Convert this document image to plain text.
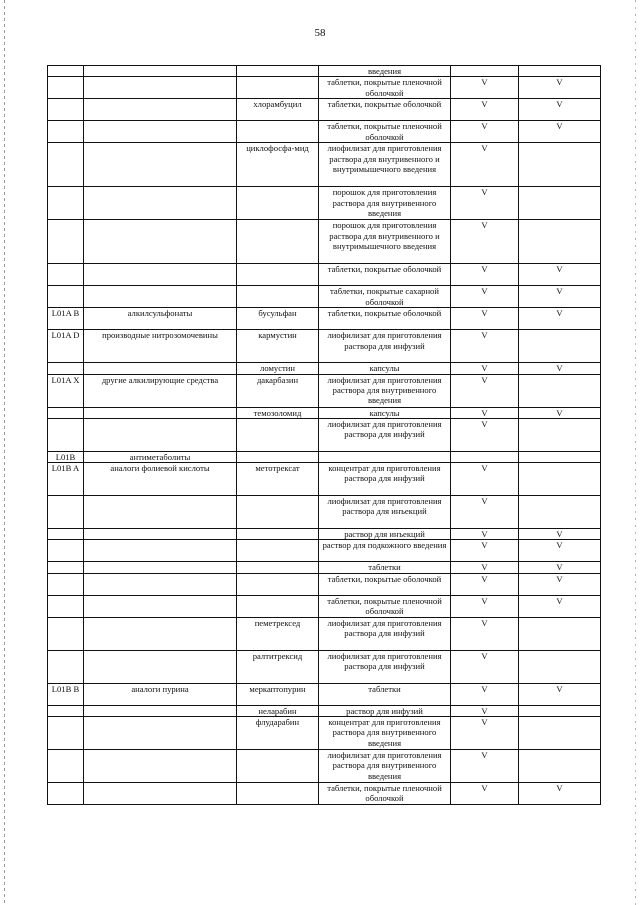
58
			введения		
			таблетки, покрытые пленочной оболочкой	V	V
		хлорамбуцил	таблетки, покрытые оболочкой	V	V
			таблетки, покрытые пленочной оболочкой	V	V
		циклофосфа-мид	лиофилизат для приготовления раствора для внутривенного и внутримышечного введения	V	
			порошок для приготовления раствора для внутривенного введения	V	
			порошок для приготовления раствора для внутривенного и внутримышечного введения	V	
			таблетки, покрытые оболочкой	V	V
			таблетки, покрытые сахарной оболочкой	V	V
L01A B	алкилсульфонаты	бусульфан	таблетки, покрытые оболочкой	V	V
L01A D	производные нитрозомочевины	кармустин	лиофилизат для приготовления раствора для инфузий	V	
		ломустин	капсулы	V	V
L01A X	другие алкилирующие средства	дакарбазин	лиофилизат для приготовления раствора для внутривенного введения	V	
		темозоломид	капсулы	V	V
			лиофилизат для приготовления раствора для инфузий	V	
L01B	антиметаболиты				
L01B A	аналоги фолиевой кислоты	метотрексат	концентрат для приготовления раствора для инфузий	V	
			лиофилизат для приготовления раствора для инъекций	V	
			раствор для инъекций	V	V
			раствор для подкожного введения	V	V
			таблетки	V	V
			таблетки, покрытые оболочкой	V	V
			таблетки, покрытые пленочной оболочкой	V	V
		пеметрексед	лиофилизат для приготовления раствора для инфузий	V	
		ралтитрексид	лиофилизат для приготовления раствора для инфузий	V	
L01B B	аналоги пурина	меркаптопурин	таблетки	V	V
		неларабин	раствор для инфузий	V	
		флударабин	концентрат для приготовления раствора для внутривенного введения	V	
			лиофилизат для приготовления раствора для внутривенного введения	V	
			таблетки, покрытые пленочной оболочкой	V	V
